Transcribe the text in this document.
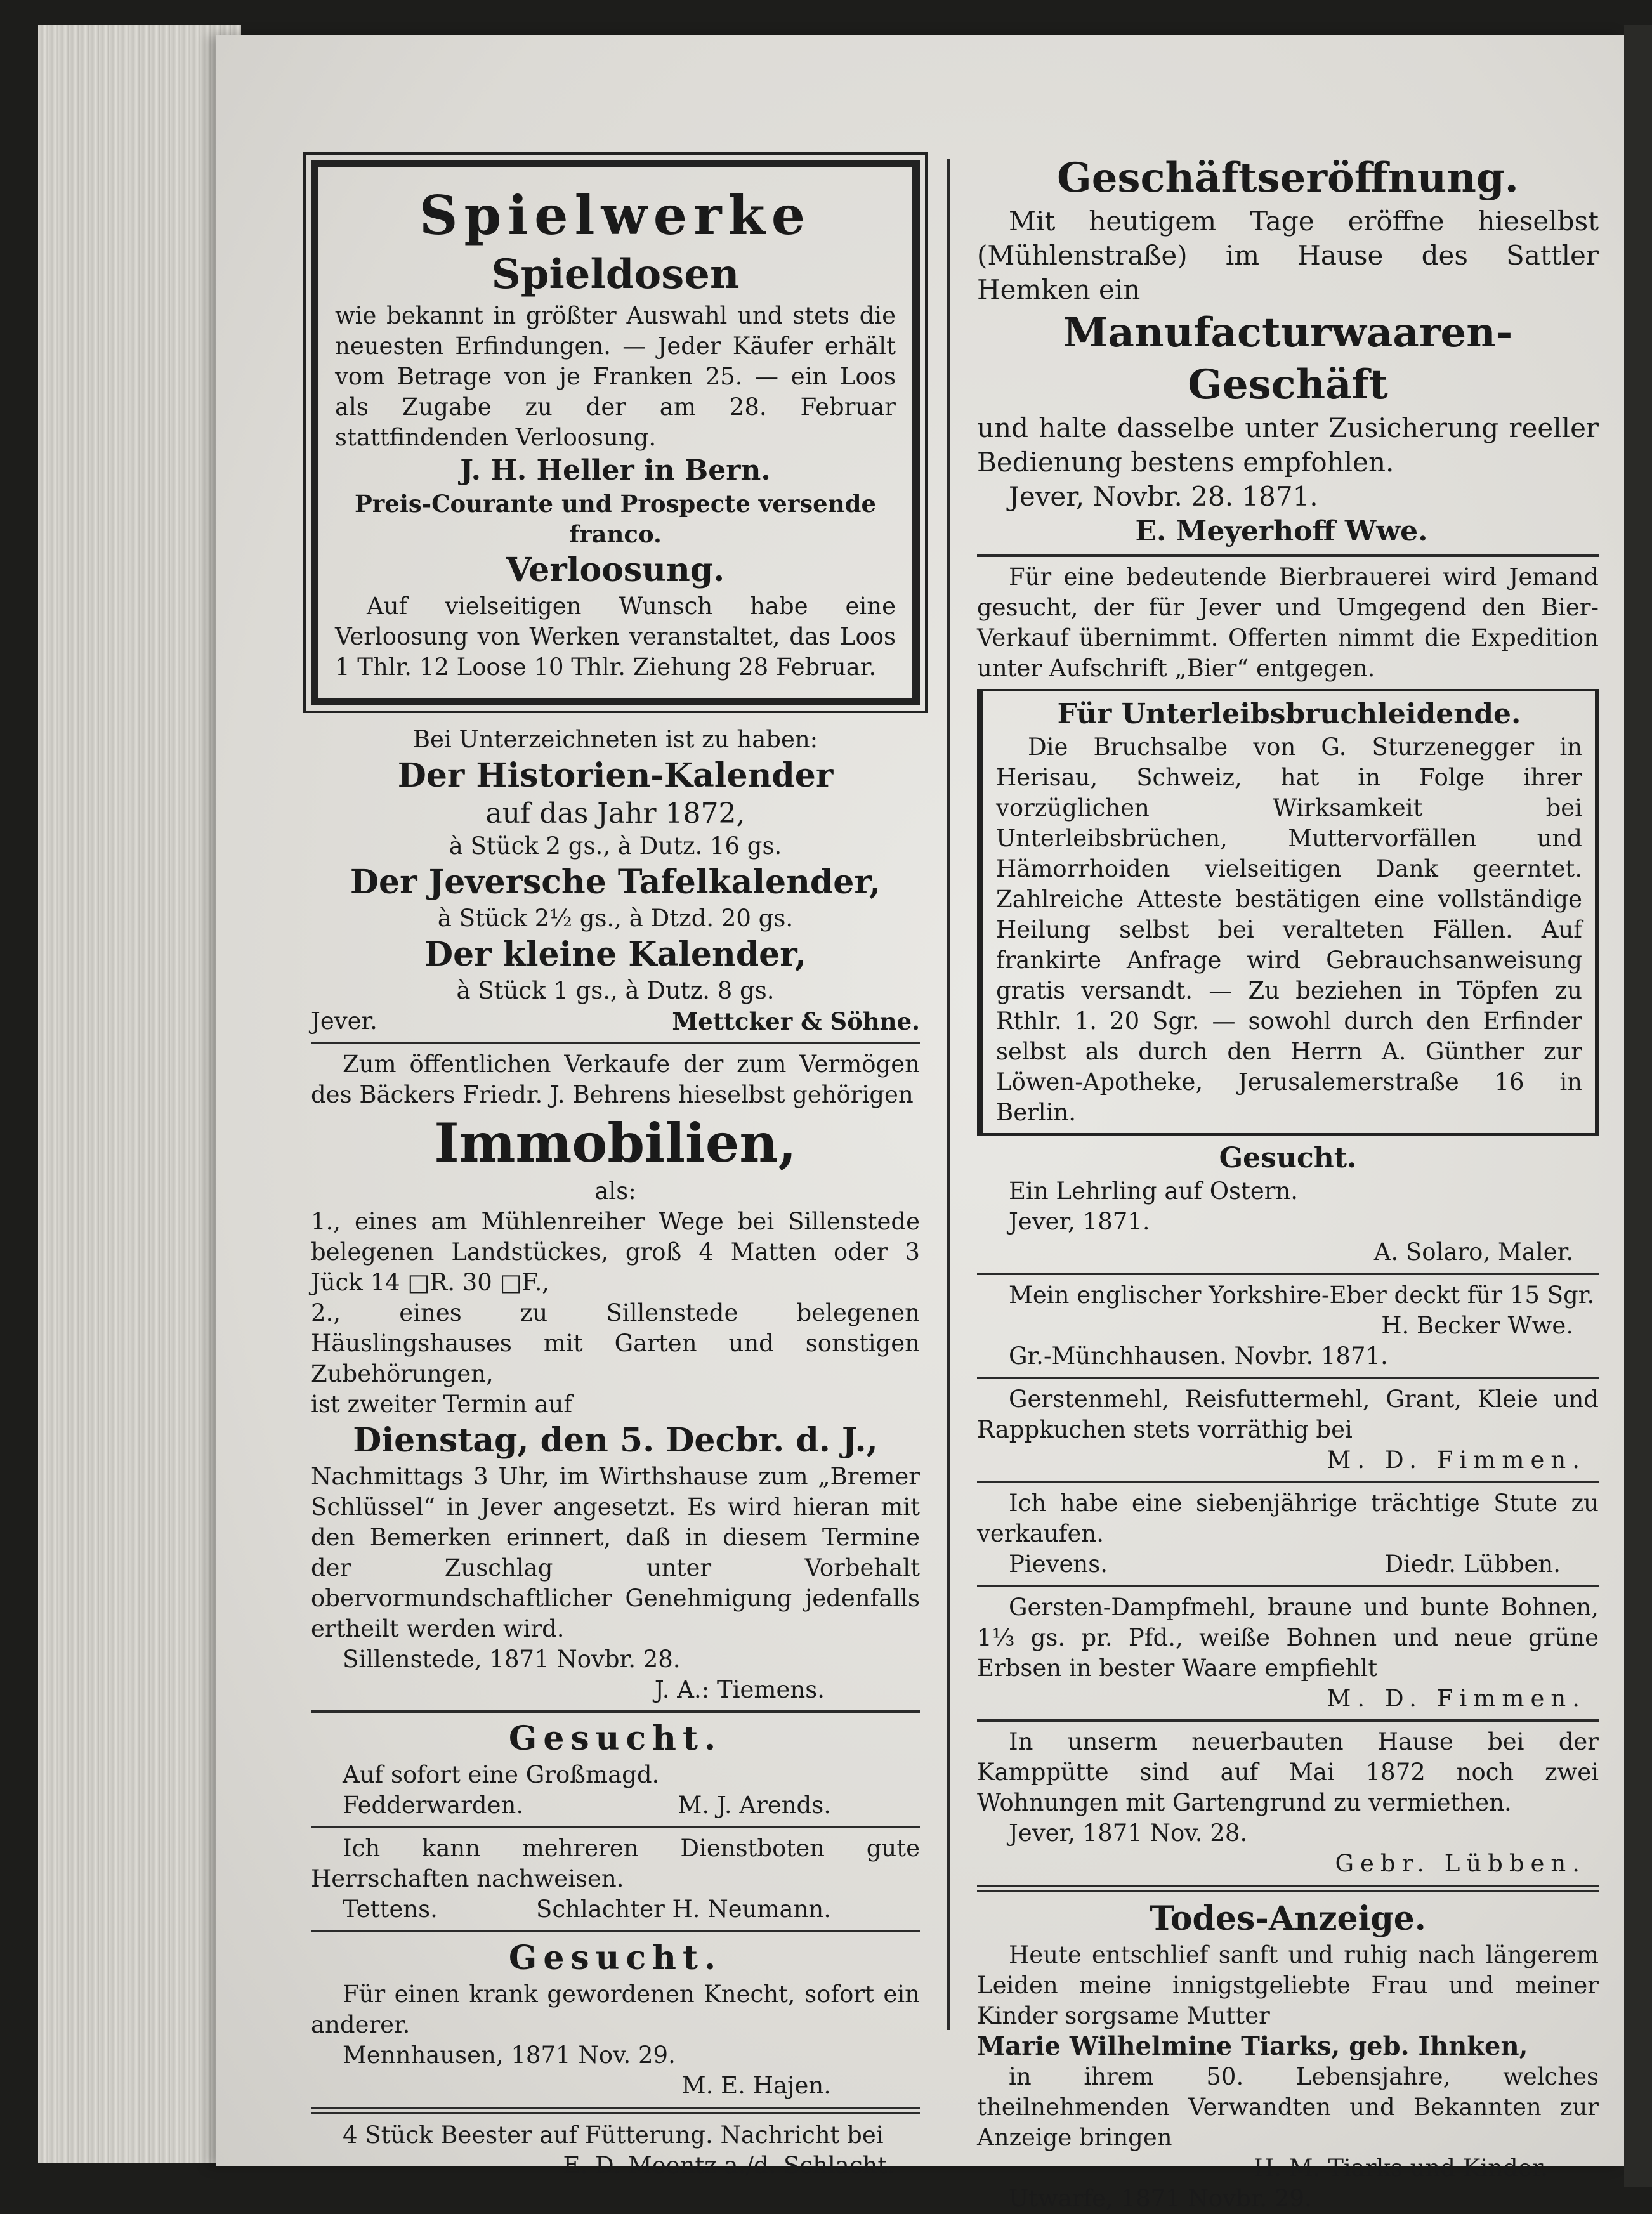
Spielwerke
Spieldosen
wie bekannt in größter Auswahl und stets die neuesten Erfindungen. — Jeder Käufer erhält vom Betrage von je Franken 25. — ein Loos als Zugabe zu der am 28. Februar stattfindenden Verloosung.
J. H. Heller in Bern.
Preis-Courante und Prospecte versende franco.
Verloosung.
Auf vielseitigen Wunsch habe eine Verloosung von Werken veranstaltet, das Loos 1 Thlr. 12 Loose 10 Thlr. Ziehung 28 Februar.
Bei Unterzeichneten ist zu haben:
Der Historien-Kalender
auf das Jahr 1872,
à Stück 2 gs., à Dutz. 16 gs.
Der Jeversche Tafelkalender,
à Stück 2½ gs., à Dtzd. 20 gs.
Der kleine Kalender,
à Stück 1 gs., à Dutz. 8 gs.
Jever.	Mettcker & Söhne.
Zum öffentlichen Verkaufe der zum Vermögen des Bäckers Friedr. J. Behrens hieselbst gehörigen
Immobilien,
als:
1., eines am Mühlenreiher Wege bei Sillenstede belegenen Landstückes, groß 4 Matten oder 3 Jück 14 □R. 30 □F.,
2., eines zu Sillenstede belegenen Häuslingshauses mit Garten und sonstigen Zubehörungen,
ist zweiter Termin auf
Dienstag, den 5. Decbr. d. J.,
Nachmittags 3 Uhr, im Wirthshause zum „Bremer Schlüssel“ in Jever angesetzt. Es wird hieran mit den Bemerken erinnert, daß in diesem Termine der Zuschlag unter Vorbehalt obervormundschaftlicher Genehmigung jedenfalls ertheilt werden wird.
Sillenstede, 1871 Novbr. 28.
J. A.: Tiemens.
Gesucht.
Auf sofort eine Großmagd.
Fedderwarden.	M. J. Arends.
Ich kann mehreren Dienstboten gute Herrschaften nachweisen.
Tettens.	Schlachter H. Neumann.
Gesucht.
Für einen krank gewordenen Knecht, sofort ein anderer.
Mennhausen, 1871 Nov. 29.
M. E. Hajen.
4 Stück Beester auf Fütterung. Nachricht bei
E. D. Meentz a./d. Schlacht.
Geschäftseröffnung.
Mit heutigem Tage eröffne hieselbst (Mühlenstraße) im Hause des Sattler Hemken ein
Manufacturwaaren-Geschäft
und halte dasselbe unter Zusicherung reeller Bedienung bestens empfohlen.
Jever, Novbr. 28. 1871.
E. Meyerhoff Wwe.
Für eine bedeutende Bierbrauerei wird Jemand gesucht, der für Jever und Umgegend den Bier-Verkauf übernimmt. Offerten nimmt die Expedition unter Aufschrift „Bier“ entgegen.
Für Unterleibsbruchleidende.
Die Bruchsalbe von G. Sturzenegger in Herisau, Schweiz, hat in Folge ihrer vorzüglichen Wirksamkeit bei Unterleibsbrüchen, Muttervorfällen und Hämorrhoiden vielseitigen Dank geerntet. Zahlreiche Atteste bestätigen eine vollständige Heilung selbst bei veralteten Fällen. Auf frankirte Anfrage wird Gebrauchsanweisung gratis versandt. — Zu beziehen in Töpfen zu Rthlr. 1. 20 Sgr. — sowohl durch den Erfinder selbst als durch den Herrn A. Günther zur Löwen-Apotheke, Jerusalemerstraße 16 in Berlin.
Gesucht.
Ein Lehrling auf Ostern.
Jever, 1871.
A. Solaro, Maler.
Mein englischer Yorkshire-Eber deckt für 15 Sgr.
H. Becker Wwe.
Gr.-Münchhausen. Novbr. 1871.
Gerstenmehl, Reisfuttermehl, Grant, Kleie und Rappkuchen stets vorräthig bei
M. D. Fimmen.
Ich habe eine siebenjährige trächtige Stute zu verkaufen.
Pievens.	Diedr. Lübben.
Gersten-Dampfmehl, braune und bunte Bohnen, 1⅓ gs. pr. Pfd., weiße Bohnen und neue grüne Erbsen in bester Waare empfiehlt
M. D. Fimmen.
In unserm neuerbauten Hause bei der Kamppütte sind auf Mai 1872 noch zwei Wohnungen mit Gartengrund zu vermiethen.
Jever, 1871 Nov. 28.
Gebr. Lübben.
Todes-Anzeige.
Heute entschlief sanft und ruhig nach längerem Leiden meine innigstgeliebte Frau und meiner Kinder sorgsame Mutter
Marie Wilhelmine Tiarks, geb. Ihnken,
in ihrem 50. Lebensjahre, welches theilnehmenden Verwandten und Bekannten zur Anzeige bringen
H. M. Tiarks und Kinder.
Utwarfe, 1871 Novbr. 29.
